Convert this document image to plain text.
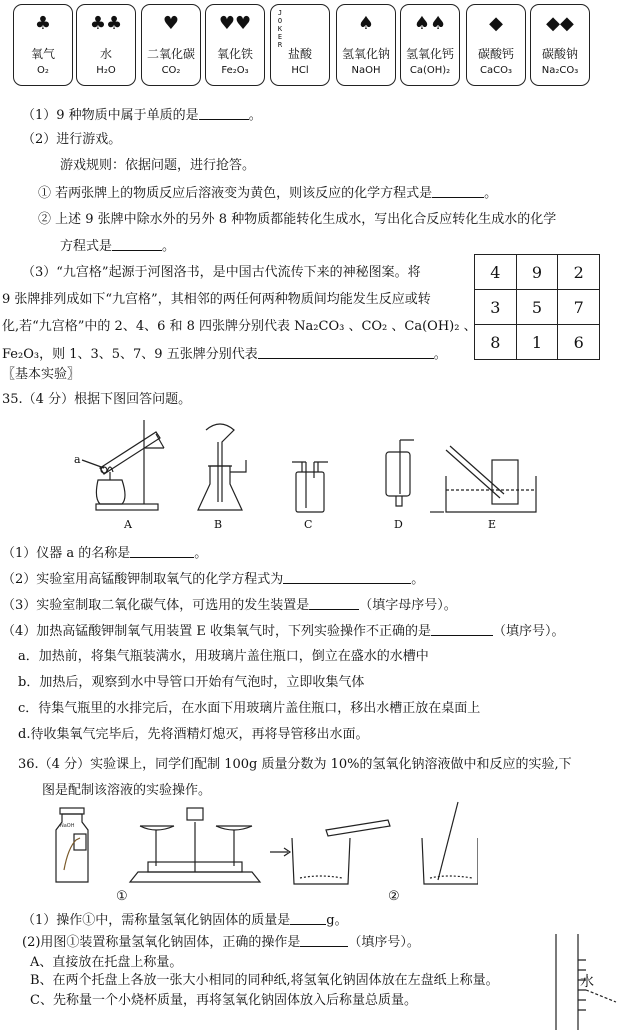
♣
氧气
O₂
♣♣
水
H₂O
♥
二氧化碳
CO₂
♥♥
氧化铁
Fe₂O₃
JOKER
盐酸
HCl
♠
氢氧化钠
NaOH
♠♠
氢氧化钙
Ca(OH)₂
◆
碳酸钙
CaCO₃
◆◆
碳酸钠
Na₂CO₃
（1）9 种物质中属于单质的是	。
（2）进行游戏。
游戏规则：依据问题，进行抢答。
① 若两张牌上的物质反应后溶液变为黄色，则该反应的化学方程式是	。
② 上述 9 张牌中除水外的另外 8 种物质都能转化生成水，写出化合反应转化生成水的化学
方程式是	。
（3）“九宫格”起源于河图洛书，是中国古代流传下来的神秘图案。将
9 张牌排列成如下“九宫格”，其相邻的两任何两种物质间均能发生反应或转
化,若“九宫格”中的 2、4、6 和 8 四张牌分别代表 Na₂CO₃ 、CO₂ 、Ca(OH)₂ 、
Fe₂O₃，则 1、3、5、7、9 五张牌分别代表	。
4	9	2
3	5	7
8	1	6
〖基本实验〗
35.（4 分）根据下图回答问题。
A	B	C	D	E
a
（1）仪器 a 的名称是	。
（2）实验室用高锰酸钾制取氧气的化学方程式为	。
（3）实验室制取二氧化碳气体，可选用的发生装置是	（填字母序号）。
（4）加热高锰酸钾制氧气用装置 E 收集氧气时，下列实验操作不正确的是	（填序号）。
a．加热前，将集气瓶装满水，用玻璃片盖住瓶口，倒立在盛水的水槽中
b．加热后，观察到水中导管口开始有气泡时，立即收集气体
c．待集气瓶里的水排完后，在水面下用玻璃片盖住瓶口，移出水槽正放在桌面上
d.待收集氧气完毕后，先将酒精灯熄灭，再将导管移出水面。
36.（4 分）实验课上，同学们配制 100g 质量分数为 10%的氢氧化钠溶液做中和反应的实验,下
图是配制该溶液的实验操作。
NaOH
①	②
（1）操作①中，需称量氢氧化钠固体的质量是	g。
(2)用图①装置称量氢氧化钠固体，正确的操作是	（填序号）。
A、直接放在托盘上称量。
B、在两个托盘上各放一张大小相同的同种纸,将氢氧化钠固体放在左盘纸上称量。
C、先称量一个小烧杯质量，再将氢氧化钠固体放入后称量总质量。
水
